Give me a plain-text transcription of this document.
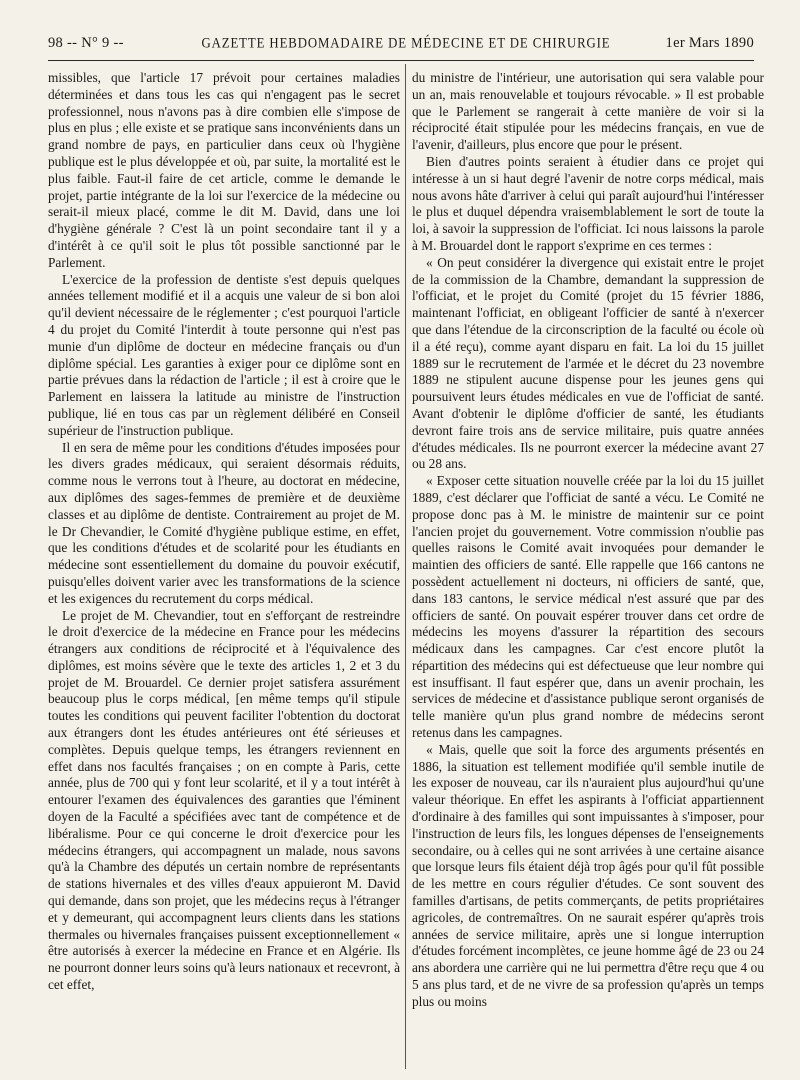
98 -- N° 9 --	GAZETTE HEBDOMADAIRE DE MÉDECINE ET DE CHIRURGIE	1er Mars 1890

missibles, que l'article 17 prévoit pour certaines maladies déterminées et dans tous les cas qui n'engagent pas le secret professionnel, nous n'avons pas à dire combien elle s'impose de plus en plus ; elle existe et se pratique sans inconvénients dans un grand nombre de pays, en particulier dans ceux où l'hygiène publique est le plus développée et où, par suite, la mortalité est le plus faible. Faut-il faire de cet article, comme le demande le projet, partie intégrante de la loi sur l'exercice de la médecine ou serait-il mieux placé, comme le dit M. David, dans une loi d'hygiène générale ? C'est là un point secondaire tant il y a d'intérêt à ce qu'il soit le plus tôt possible sanctionné par le Parlement.

L'exercice de la profession de dentiste s'est depuis quelques années tellement modifié et il a acquis une valeur de si bon aloi qu'il devient nécessaire de le réglementer ; c'est pourquoi l'article 4 du projet du Comité l'interdit à toute personne qui n'est pas munie d'un diplôme de docteur en médecine français ou d'un diplôme spécial. Les garanties à exiger pour ce diplôme sont en partie prévues dans la rédaction de l'article ; il est à croire que le Parlement en laissera la latitude au ministre de l'instruction publique, lié en tous cas par un règlement délibéré en Conseil supérieur de l'instruction publique.

Il en sera de même pour les conditions d'études imposées pour les divers grades médicaux, qui seraient désormais réduits, comme nous le verrons tout à l'heure, au doctorat en médecine, aux diplômes des sages-femmes de première et de deuxième classes et au diplôme de dentiste. Contrairement au projet de M. le Dr Chevandier, le Comité d'hygiène publique estime, en effet, que les conditions d'études et de scolarité pour les étudiants en médecine sont essentiellement du domaine du pouvoir exécutif, puisqu'elles doivent varier avec les transformations de la science et les exigences du recrutement du corps médical.

Le projet de M. Chevandier, tout en s'efforçant de restreindre le droit d'exercice de la médecine en France pour les médecins étrangers aux conditions de réciprocité et à l'équivalence des diplômes, est moins sévère que le texte des articles 1, 2 et 3 du projet de M. Brouardel. Ce dernier projet satisfera assurément beaucoup plus le corps médical, [en même temps qu'il stipule toutes les conditions qui peuvent faciliter l'obtention du doctorat aux étrangers dont les études antérieures ont été sérieuses et complètes. Depuis quelque temps, les étrangers reviennent en effet dans nos facultés françaises ; on en compte à Paris, cette année, plus de 700 qui y font leur scolarité, et il y a tout intérêt à entourer l'examen des équivalences des garanties que l'éminent doyen de la Faculté a spécifiées avec tant de compétence et de libéralisme. Pour ce qui concerne le droit d'exercice pour les médecins étrangers, qui accompagnent un malade, nous savons qu'à la Chambre des députés un certain nombre de représentants de stations hivernales et des villes d'eaux appuieront M. David qui demande, dans son projet, que les médecins reçus à l'étranger et y demeurant, qui accompagnent leurs clients dans les stations thermales ou hivernales françaises puissent exceptionnellement « être autorisés à exercer la médecine en France et en Algérie. Ils ne pourront donner leurs soins qu'à leurs nationaux et recevront, à cet effet,

du ministre de l'intérieur, une autorisation qui sera valable pour un an, mais renouvelable et toujours révocable. » Il est probable que le Parlement se rangerait à cette manière de voir si la réciprocité était stipulée pour les médecins français, en vue de l'avenir, d'ailleurs, plus encore que pour le présent.

Bien d'autres points seraient à étudier dans ce projet qui intéresse à un si haut degré l'avenir de notre corps médical, mais nous avons hâte d'arriver à celui qui paraît aujourd'hui l'intéresser le plus et duquel dépendra vraisemblablement le sort de toute la loi, à savoir la suppression de l'officiat. Ici nous laissons la parole à M. Brouardel dont le rapport s'exprime en ces termes :

« On peut considérer la divergence qui existait entre le projet de la commission de la Chambre, demandant la suppression de l'officiat, et le projet du Comité (projet du 15 février 1886, maintenant l'officiat, en obligeant l'officier de santé à n'exercer que dans l'étendue de la circonscription de la faculté ou école où il a été reçu), comme ayant disparu en fait. La loi du 15 juillet 1889 sur le recrutement de l'armée et le décret du 23 novembre 1889 ne stipulent aucune dispense pour les jeunes gens qui poursuivent leurs études médicales en vue de l'officiat de santé. Avant d'obtenir le diplôme d'officier de santé, les étudiants devront faire trois ans de service militaire, puis quatre années d'études médicales. Ils ne pourront exercer la médecine avant 27 ou 28 ans.

« Exposer cette situation nouvelle créée par la loi du 15 juillet 1889, c'est déclarer que l'officiat de santé a vécu. Le Comité ne propose donc pas à M. le ministre de maintenir sur ce point l'ancien projet du gouvernement. Votre commission n'oublie pas quelles raisons le Comité avait invoquées pour demander le maintien des officiers de santé. Elle rappelle que 166 cantons ne possèdent actuellement ni docteurs, ni officiers de santé, que, dans 183 cantons, le service médical n'est assuré que par des officiers de santé. On pouvait espérer trouver dans cet ordre de médecins les moyens d'assurer la répartition des secours médicaux dans les campagnes. Car c'est encore plutôt la répartition des médecins qui est défectueuse que leur nombre qui est insuffisant. Il faut espérer que, dans un avenir prochain, les services de médecine et d'assistance publique seront organisés de telle manière qu'un plus grand nombre de médecins seront retenus dans les campagnes.

« Mais, quelle que soit la force des arguments présentés en 1886, la situation est tellement modifiée qu'il semble inutile de les exposer de nouveau, car ils n'auraient plus aujourd'hui qu'une valeur théorique. En effet les aspirants à l'officiat appartiennent d'ordinaire à des familles qui sont impuissantes à s'imposer, pour l'instruction de leurs fils, les longues dépenses de l'enseignements secondaire, ou à celles qui ne sont arrivées à une certaine aisance que lorsque leurs fils étaient déjà trop âgés pour qu'il fût possible de les mettre en cours régulier d'études. Ce sont souvent des familles d'artisans, de petits commerçants, de petits propriétaires agricoles, de contremaîtres. On ne saurait espérer qu'après trois années de service militaire, après une si longue interruption d'études forcément incomplètes, ce jeune homme âgé de 23 ou 24 ans abordera une carrière qui ne lui permettra d'être reçu que 4 ou 5 ans plus tard, et de ne vivre de sa profession qu'après un temps plus ou moins
